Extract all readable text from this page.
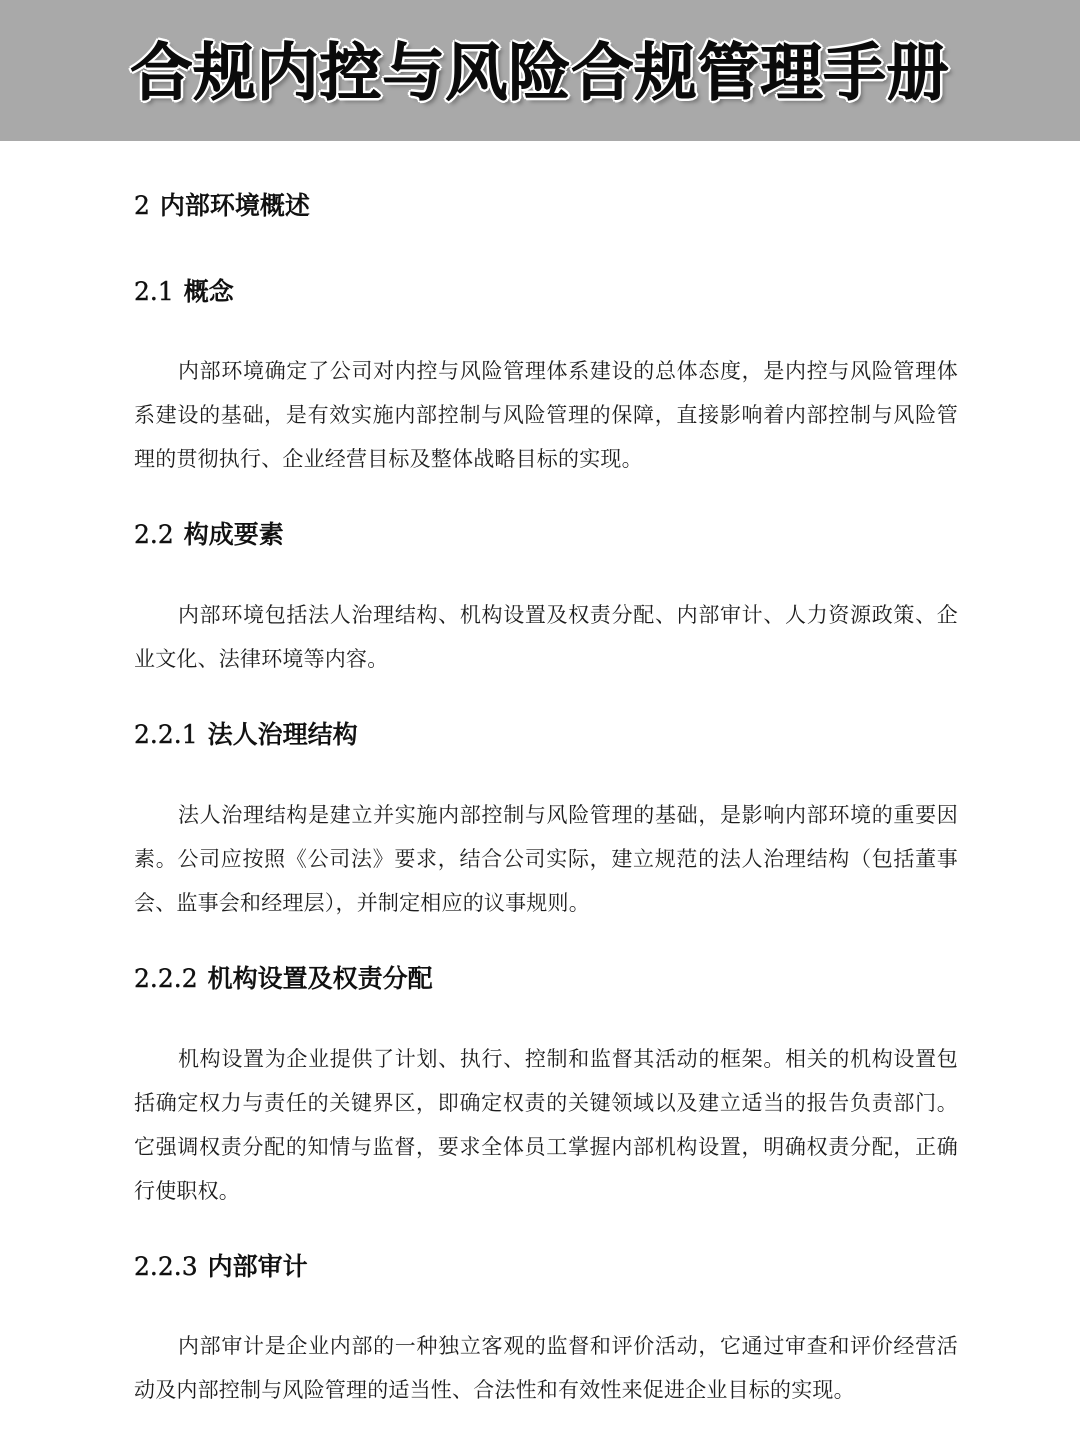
合规内控与风险合规管理手册
2 内部环境概述
2.1 概念

内部环境确定了公司对内控与风险管理体系建设的总体态度，是内控与风险管理体系建设的基础，是有效实施内部控制与风险管理的保障，直接影响着内部控制与风险管理的贯彻执行、企业经营目标及整体战略目标的实现。

2.2 构成要素

内部环境包括法人治理结构、机构设置及权责分配、内部审计、人力资源政策、企业文化、法律环境等内容。

2.2.1 法人治理结构

法人治理结构是建立并实施内部控制与风险管理的基础，是影响内部环境的重要因素。公司应按照《公司法》要求，结合公司实际，建立规范的法人治理结构（包括董事会、监事会和经理层），并制定相应的议事规则。

2.2.2 机构设置及权责分配

机构设置为企业提供了计划、执行、控制和监督其活动的框架。相关的机构设置包括确定权力与责任的关键界区，即确定权责的关键领域以及建立适当的报告负责部门。它强调权责分配的知情与监督，要求全体员工掌握内部机构设置，明确权责分配，正确行使职权。

2.2.3 内部审计

内部审计是企业内部的一种独立客观的监督和评价活动，它通过审查和评价经营活动及内部控制与风险管理的适当性、合法性和有效性来促进企业目标的实现。
